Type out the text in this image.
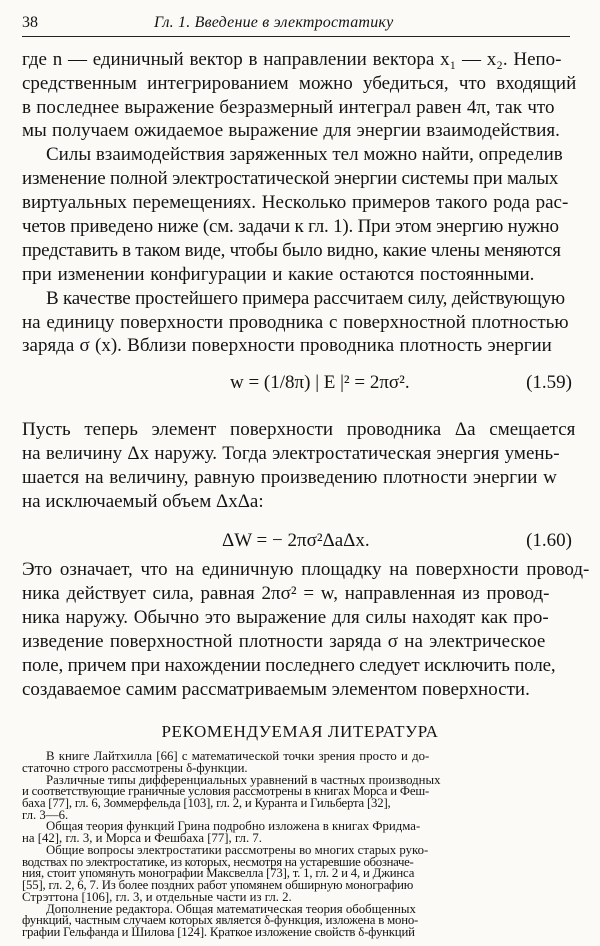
38	Гл. 1. Введение в электростатику
где n — единичный вектор в направлении вектора x₁ — x₂. Непо-
средственным интегрированием можно убедиться, что входящий
в последнее выражение безразмерный интеграл равен 4π, так что
мы получаем ожидаемое выражение для энергии взаимодействия.
Силы взаимодействия заряженных тел можно найти, определив
изменение полной электростатической энергии системы при малых
виртуальных перемещениях. Несколько примеров такого рода рас-
четов приведено ниже (см. задачи к гл. 1). При этом энергию нужно
представить в таком виде, чтобы было видно, какие члены меняются
при изменении конфигурации и какие остаются постоянными.
В качестве простейшего примера рассчитаем силу, действующую
на единицу поверхности проводника с поверхностной плотностью
заряда σ (x). Вблизи поверхности проводника плотность энергии
w = (1/8π) | E |² = 2πσ².	(1.59)
Пусть теперь элемент поверхности проводника Δa смещается
на величину Δx наружу. Тогда электростатическая энергия умень-
шается на величину, равную произведению плотности энергии w
на исключаемый объем ΔxΔa:
ΔW = − 2πσ²ΔaΔx.	(1.60)
Это означает, что на единичную площадку на поверхности провод-
ника действует сила, равная 2πσ² = w, направленная из провод-
ника наружу. Обычно это выражение для силы находят как про-
изведение поверхностной плотности заряда σ на электрическое
поле, причем при нахождении последнего следует исключить поле,
создаваемое самим рассматриваемым элементом поверхности.
РЕКОМЕНДУЕМАЯ ЛИТЕРАТУРА
В книге Лайтхилла [66] с математической точки зрения просто и до-
статочно строго рассмотрены δ-функции.
Различные типы дифференциальных уравнений в частных производных
и соответствующие граничные условия рассмотрены в книгах Морса и Феш-
баха [77], гл. 6, Зоммерфельда [103], гл. 2, и Куранта и Гильберта [32],
гл. 3—6.
Общая теория функций Грина подробно изложена в книгах Фридма-
на [42], гл. 3, и Морса и Фешбаха [77], гл. 7.
Общие вопросы электростатики рассмотрены во многих старых руко-
водствах по электростатике, из которых, несмотря на устаревшие обозначе-
ния, стоит упомянуть монографии Максвелла [73], т. 1, гл. 2 и 4, и Джинса
[55], гл. 2, 6, 7. Из более поздних работ упомянем обширную монографию
Стрэттона [106], гл. 3, и отдельные части из гл. 2.
Дополнение редактора. Общая математическая теория обобщенных
функций, частным случаем которых является δ-функция, изложена в моно-
графии Гельфанда и Шилова [124]. Краткое изложение свойств δ-функций
